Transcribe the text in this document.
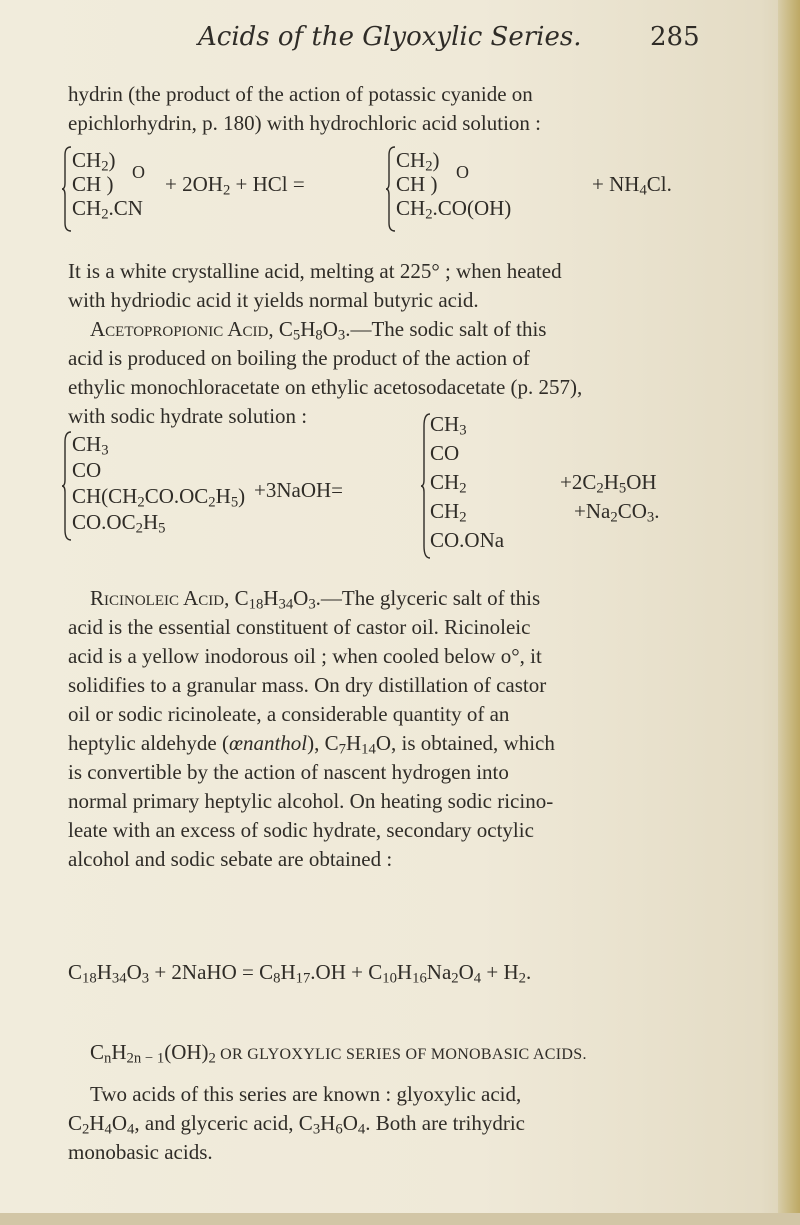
Acids of the Glyoxylic Series.	285

hydrin (the product of the action of potassic cyanide on
epichlorhydrin, p. 180) with hydrochloric acid solution :

$CH_2$)
CH )
$CH_2.CN$
$O + 2OH_2$ + HCl =
$CH_2$)
CH )
$CH_2.CO(OH)$
O	+ $NH_4Cl$.

It is a white crystalline acid, melting at 225° ; when heated
with hydriodic acid it yields normal butyric acid.

Acetopropionic Acid, $C_5H_8O_3.—The$ sodic salt of this
acid is produced on boiling the product of the action of
ethylic monochloracetate on ethylic acetosodacetate (p. 257),
with sodic hydrate solution :

$CH_3$
CO
$CH(CH_2CO.OC_2H_5)$
$CO.OC_2H_5$
+3NaOH=
$CH_3$
CO
$CH_2$
$CH_2$
CO.ONa
$+2C_2H_5OH$
$+Na_2CO_3$.

Ricinoleic Acid, $C_{18}H_{34}O_3.—The$ glyceric salt of this
acid is the essential constituent of castor oil. Ricinoleic
acid is a yellow inodorous oil ; when cooled below o°, it
solidifies to a granular mass. On dry distillation of castor
oil or sodic ricinoleate, a considerable quantity of an
heptylic aldehyde (œnanthol), $C_7H_{14}O$, is obtained, which
is convertible by the action of nascent hydrogen into
normal primary heptylic alcohol. On heating sodic ricino-
leate with an excess of sodic hydrate, secondary octylic
alcohol and sodic sebate are obtained :

$C_{18}H_{34}O_3$ + 2NaHO = $C_8H_{17}.OH + C_{10}H_{16}Na_2O_4 + H_2$.
$C_nH_{2n - 1}(OH)_2$ OR GLYOXYLIC SERIES OF MONOBASIC ACIDS.

Two acids of this series are known : glyoxylic acid,
$C_2H_4O_4$, and glyceric acid, $C_3H_6O_4$. Both are trihydric
monobasic acids.
